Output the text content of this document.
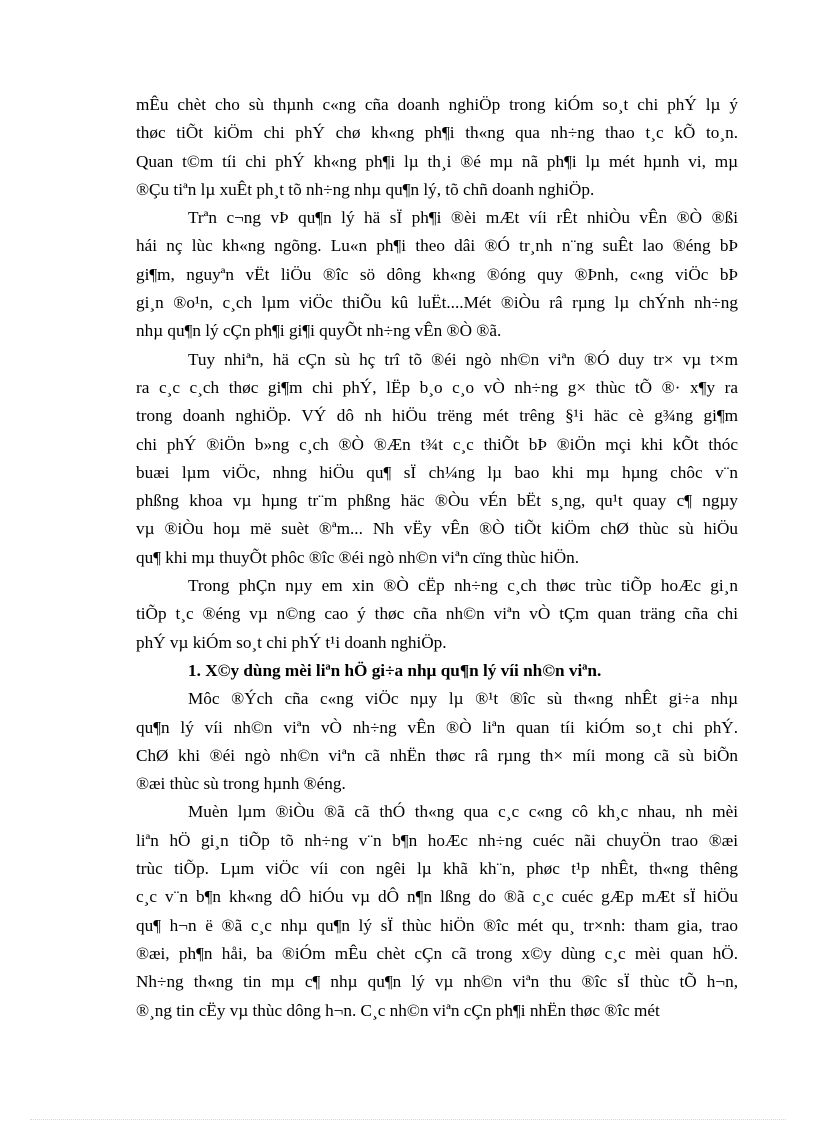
mÊu chèt cho sù thµnh c«ng cña doanh nghiÖp trong kiÓm so¸t chi phÝ lµ ý
thøc tiÕt kiÖm chi phÝ chø kh«ng ph¶i th«ng qua nh÷ng thao t¸c kÕ to¸n.
Quan t©m tíi chi phÝ kh«ng ph¶i lµ th¸i ®é mµ nã ph¶i lµ mét hµnh vi, mµ
®Çu tiªn lµ xuÊt ph¸t tõ nh÷ng nhµ qu¶n lý, tõ chñ doanh nghiÖp.
Trªn c¬ng vÞ qu¶n lý hä sÏ ph¶i ®èi mÆt víi rÊt nhiÒu vÊn ®Ò ®ßi
hái nç lùc kh«ng ngõng. Lu«n ph¶i theo dâi ®Ó tr¸nh n¨ng suÊt lao ®éng bÞ
gi¶m, nguyªn vËt liÖu ®îc sö dông kh«ng ®óng quy ®Þnh, c«ng viÖc bÞ
gi¸n ®o¹n, c¸ch lµm viÖc thiÕu kû luËt....Mét ®iÒu râ rµng lµ chÝnh nh÷ng
nhµ qu¶n lý cÇn ph¶i gi¶i quyÕt nh÷ng vÊn ®Ò ®ã.
Tuy nhiªn, hä cÇn sù hç trî tõ ®éi ngò nh©n viªn ®Ó duy tr× vµ t×m
ra c¸c c¸ch thøc gi¶m chi phÝ, lËp b¸o c¸o vÒ nh÷ng g× thùc tÕ ®· x¶y ra
trong doanh nghiÖp. VÝ dô nh hiÖu trëng mét trêng §¹i häc cè g¾ng gi¶m
chi phÝ ®iÖn b»ng c¸ch ®Ò ®Æn t¾t c¸c thiÕt bÞ ®iÖn mçi khi kÕt thóc
buæi lµm viÖc, nhng hiÖu qu¶ sÏ ch¼ng lµ bao khi mµ hµng chôc v¨n
phßng khoa vµ hµng tr¨m phßng häc ®Òu vÉn bËt s¸ng, qu¹t quay c¶ ngµy
vµ ®iÒu hoµ më suèt ®ªm... Nh vËy vÊn ®Ò tiÕt kiÖm chØ thùc sù hiÖu
qu¶ khi mµ thuyÕt phôc ®îc ®éi ngò nh©n viªn cïng thùc hiÖn.
Trong phÇn nµy em xin ®Ò cËp nh÷ng c¸ch thøc trùc tiÕp hoÆc gi¸n
tiÕp t¸c ®éng vµ n©ng cao ý thøc cña nh©n viªn vÒ tÇm quan träng cña chi
phÝ vµ kiÓm so¸t chi phÝ t¹i doanh nghiÖp.
1. X©y dùng mèi liªn hÖ gi÷a nhµ qu¶n lý víi nh©n viªn.
Môc ®Ých cña c«ng viÖc nµy lµ ®¹t ®îc sù th«ng nhÊt gi÷a nhµ
qu¶n lý víi nh©n viªn vÒ nh÷ng vÊn ®Ò liªn quan tíi kiÓm so¸t chi phÝ.
ChØ khi ®éi ngò nh©n viªn cã nhËn thøc râ rµng th× míi mong cã sù biÕn
®æi thùc sù trong hµnh ®éng.
Muèn lµm ®iÒu ®ã cã thÓ th«ng qua c¸c c«ng cô kh¸c nhau, nh mèi
liªn hÖ gi¸n tiÕp tõ nh÷ng v¨n b¶n hoÆc nh÷ng cuéc nãi chuyÖn trao ®æi
trùc tiÕp. Lµm viÖc víi con ngêi lµ khã kh¨n, phøc t¹p nhÊt, th«ng thêng
c¸c v¨n b¶n kh«ng dÔ hiÓu vµ dÔ n¶n lßng do ®ã c¸c cuéc gÆp mÆt sÏ hiÖu
qu¶ h¬n ë ®ã c¸c nhµ qu¶n lý sÏ thùc hiÖn ®îc mét qu¸ tr×nh: tham gia, trao
®æi, ph¶n håi, ba ®iÓm mÊu chèt cÇn cã trong x©y dùng c¸c mèi quan hÖ.
Nh÷ng th«ng tin mµ c¶ nhµ qu¶n lý vµ nh©n viªn thu ®îc sÏ thùc tÕ h¬n,
®¸ng tin cËy vµ thùc dông h¬n. C¸c nh©n viªn cÇn ph¶i nhËn thøc ®îc mét
